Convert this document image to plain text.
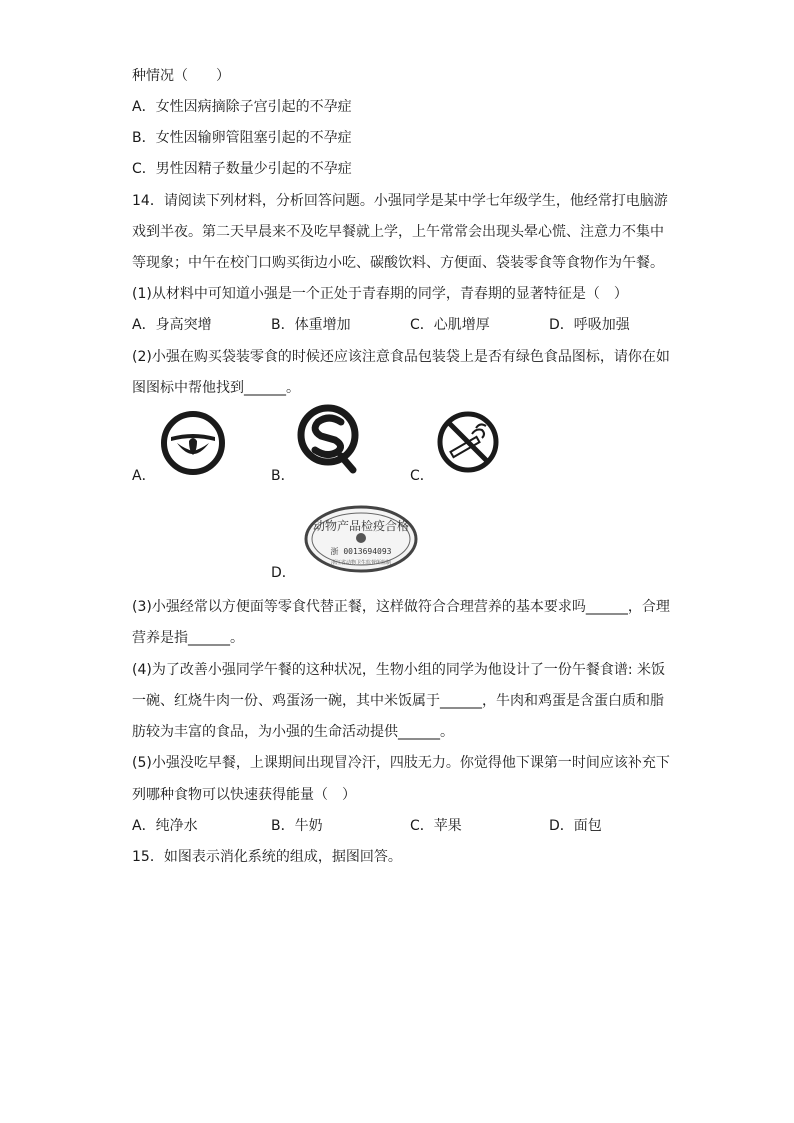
种情况（　　）
A．女性因病摘除子宫引起的不孕症
B．女性因输卵管阻塞引起的不孕症
C．男性因精子数量少引起的不孕症
14．请阅读下列材料，分析回答问题。小强同学是某中学七年级学生，他经常打电脑游
戏到半夜。第二天早晨来不及吃早餐就上学，上午常常会出现头晕心慌、注意力不集中
等现象；中午在校门口购买街边小吃、碳酸饮料、方便面、袋装零食等食物作为午餐。
(1)从材料中可知道小强是一个正处于青春期的同学，青春期的显著特征是（　）
A．身高突增	B．体重增加	C．心肌增厚	D．呼吸加强
(2)小强在购买袋装零食的时候还应该注意食品包装袋上是否有绿色食品图标，请你在如
图图标中帮他找到______。
A．	B．	C．
动物产品检疫合格
浙 0013694093
浙江省动物卫生监督所监制
D．
(3)小强经常以方便面等零食代替正餐，这样做符合合理营养的基本要求吗______，合理
营养是指______。
(4)为了改善小强同学午餐的这种状况，生物小组的同学为他设计了一份午餐食谱: 米饭
一碗、红烧牛肉一份、鸡蛋汤一碗，其中米饭属于______，牛肉和鸡蛋是含蛋白质和脂
肪较为丰富的食品，为小强的生命活动提供______。
(5)小强没吃早餐，上课期间出现冒冷汗，四肢无力。你觉得他下课第一时间应该补充下
列哪种食物可以快速获得能量（　）
A．纯净水	B．牛奶	C．苹果	D．面包
15．如图表示消化系统的组成，据图回答。
